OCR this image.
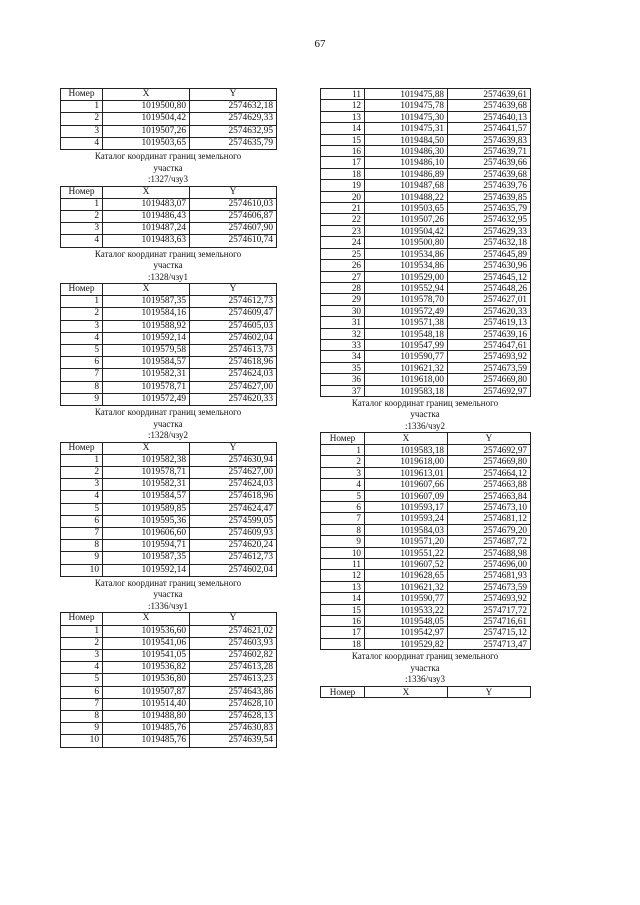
67
Номер	X	Y
1	1019500,80	2574632,18
2	1019504,42	2574629,33
3	1019507,26	2574632,95
4	1019503,65	2574635,79
Каталог координат границ земельного
участка
:1327/чзу3
Номер	X	Y
1	1019483,07	2574610,03
2	1019486,43	2574606,87
3	1019487,24	2574607,90
4	1019483,63	2574610,74
Каталог координат границ земельного
участка
:1328/чзу1
Номер	X	Y
1	1019587,35	2574612,73
2	1019584,16	2574609,47
3	1019588,92	2574605,03
4	1019592,14	2574602,04
5	1019579,58	2574613,73
6	1019584,57	2574618,96
7	1019582,31	2574624,03
8	1019578,71	2574627,00
9	1019572,49	2574620,33
Каталог координат границ земельного
участка
:1328/чзу2
Номер	X	Y
1	1019582,38	2574630,94
2	1019578,71	2574627,00
3	1019582,31	2574624,03
4	1019584,57	2574618,96
5	1019589,85	2574624,47
6	1019595,36	2574599,05
7	1019606,60	2574609,93
8	1019594,71	2574620,24
9	1019587,35	2574612,73
10	1019592,14	2574602,04
Каталог координат границ земельного
участка
:1336/чзу1
Номер	X	Y
1	1019536,60	2574621,02
2	1019541,06	2574603,93
3	1019541,05	2574602,82
4	1019536,82	2574613,28
5	1019536,80	2574613,23
6	1019507,87	2574643,86
7	1019514,40	2574628,10
8	1019488,80	2574628,13
9	1019485,76	2574630,83
10	1019485,76	2574639,54
11	1019475,88	2574639,61
12	1019475,78	2574639,68
13	1019475,30	2574640,13
14	1019475,31	2574641,57
15	1019484,50	2574639,83
16	1019486,30	2574639,71
17	1019486,10	2574639,66
18	1019486,89	2574639,68
19	1019487,68	2574639,76
20	1019488,22	2574639,85
21	1019503,65	2574635,79
22	1019507,26	2574632,95
23	1019504,42	2574629,33
24	1019500,80	2574632,18
25	1019534,86	2574645,89
26	1019534,86	2574630,96
27	1019529,00	2574645,12
28	1019552,94	2574648,26
29	1019578,70	2574627,01
30	1019572,49	2574620,33
31	1019571,38	2574619,13
32	1019548,18	2574639,16
33	1019547,99	2574647,61
34	1019590,77	2574693,92
35	1019621,32	2574673,59
36	1019618,00	2574669,80
37	1019583,18	2574692,97
Каталог координат границ земельного
участка
:1336/чзу2
Номер	X	Y
1	1019583,18	2574692,97
2	1019618,00	2574669,80
3	1019613,01	2574664,12
4	1019607,66	2574663,88
5	1019607,09	2574663,84
6	1019593,17	2574673,10
7	1019593,24	2574681,12
8	1019584,03	2574679,20
9	1019571,20	2574687,72
10	1019551,22	2574688,98
11	1019607,52	2574696,00
12	1019628,65	2574681,93
13	1019621,32	2574673,59
14	1019590,77	2574693,92
15	1019533,22	2574717,72
16	1019548,05	2574716,61
17	1019542,97	2574715,12
18	1019529,82	2574713,47
Каталог координат границ земельного
участка
:1336/чзу3
Номер	X	Y
